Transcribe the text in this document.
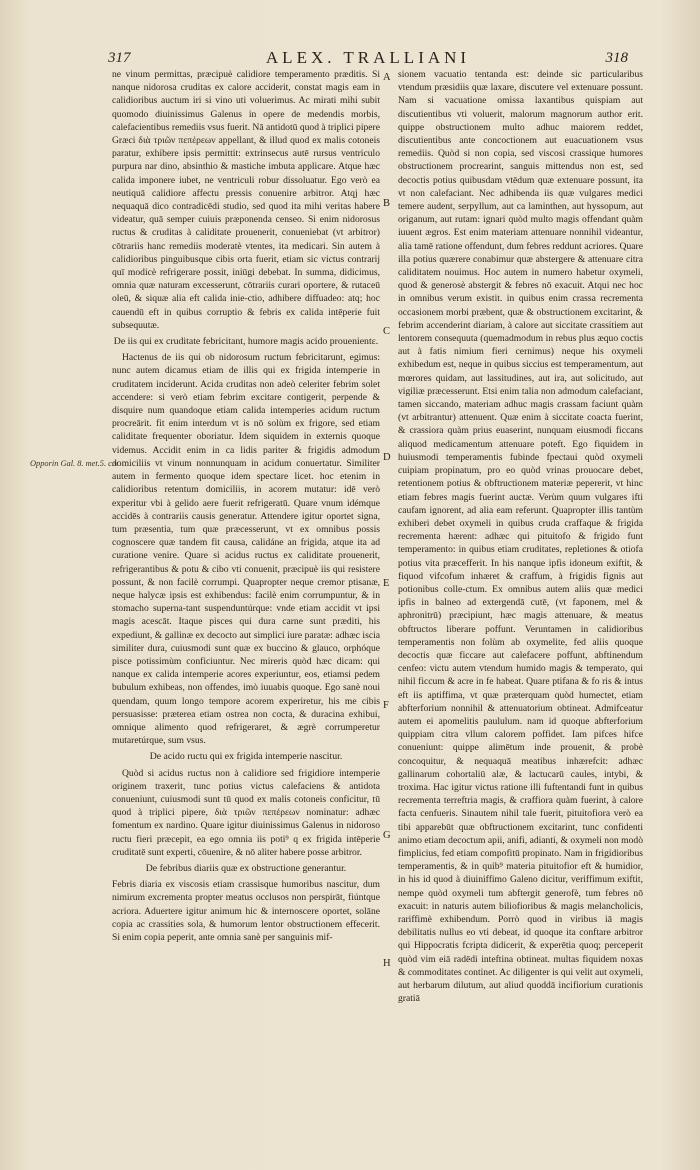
317	ALEX. TRALLIANI	318
Opporin Gal. 8. met.5. c.v.
A
B
C
D
E
F
G
H

ne vinum permittas, præcipuè calidiore temperamento præditis. Si nanque nidorosa cruditas ex calore acciderit, constat magis eam in calidioribus auctum iri si vino uti voluerimus. Ac mirati mihi subit quomodo diuinissimus Galenus in opere de medendis morbis, calefacientibus remediis vsus fuerit. Nā antidotū quod à triplici pipere Græci διὰ τριῶν πεπέρεων appellant, & illud quod ex malis cotoneis paratur, exhibere ipsis permittit: extrinsecus autē rursus ventriculo purpura nar dino, absinthio & mastiche imbuta applicare. Atque hæc calida imponere iubet, ne ventriculi robur dissoluatur. Ego verò ea neutiquā calidiore affectu pressis conuenire arbitror. Atqj hæc nequaquā dico contradicēdi studio, sed quod ita mihi veritas habere videatur, quā semper cuiuis præponenda censeo. Si enim nidorosus ructus & cruditas à caliditate prouenerit, conueniebat (vt arbitror) cōtrariis hanc remediis moderatè vtentes, ita medicari. Sin autem à calidioribus pinguibusque cibis orta fuerit, etiam sic victus contrarij quī modicè refrigerare possit, iniūgi debebat. In summa, didicimus, omnia quæ naturam excesserunt, cōtrariis curari oportere, & rutaceū oleū, & siquæ alia eft calida inie-ctio, adhibere diffuadeo: atq; hoc cauendū eft in quibus corruptio & febris ex calida intēperie fuit subsequutæ.

De iis qui ex cruditate febricitant, humore magis acido prouenientε.

Hactenus de iis qui ob nidorosum ructum febricitarunt, egimus: nunc autem dicamus etiam de illis qui ex frigida intemperie in cruditatem inciderunt. Acida cruditas non adeò celeriter febrim solet accendere: si verò etiam febrim excitare contigerit, perpende & disquire num quandoque etiam calida intemperies acidum ructum procreārit. fit enim interdum vt is nō solùm ex frigore, sed etiam caliditate frequenter oboriatur. Idem siquidem in externis quoque videmus. Accidit enim in ca lidis pariter & frigidis admodum domiciliis vt vinum nonnunquam in acidum conuertatur. Similiter autem in fermento quoque idem spectare licet. hoc etenim in calidioribus retentum domiciliis, in acorem mutatur: idē verò experitur vbi à gelido aere fuerit refrigeratū. Quare vnum idémque accidēs à contrariis causis generatur. Attendere igitur oportet signa, tum præsentia, tum quæ præcesserunt, vt ex omnibus possis cognoscere quæ tandem fit causa, calidáne an frigida, atque ita ad curatione venire. Quare si acidus ructus ex caliditate prouenerit, refrigerantibus & potu & cibo vti conuenit, præcipuè iis qui resistere possunt, & non facilè corrumpi. Quapropter neque cremor ptisanæ, neque halycæ ipsis est exhibendus: facilè enim corrumpuntur, & in stomacho superna-tant suspenduntúrque: vnde etiam accidit vt ipsi magis acescāt. Itaque pisces qui dura carne sunt præditi, his expediunt, & gallinæ ex decocto aut simplici iure paratæ: adhæc iscia similiter dura, cuiusmodi sunt quæ ex buccino & glauco, orphóque pisce potissimùm conficiuntur. Nec mireris quòd hæc dicam: qui nanque ex calida intemperie acores experiuntur, eos, etiamsi pedem bubulum exhibeas, non offendes, imò iuuabis quoque. Ego sanè noui quendam, quum longo tempore acorem experiretur, his me cibis persuasisse: præterea etiam ostrea non cocta, & duracina exhibui, omnique alimento quod refrigeraret, & ægrè corrumperetur mutaretúrque, sum vsus.

De acido ructu qui ex frigida intemperie nascitur.

Quòd si acidus ructus non à calidiore sed frigidiore intemperie originem traxerit, tunc potius victus calefaciens & antidota conueniunt, cuiusmodi sunt tū quod ex malis cotoneis conficitur, tū quod à triplici pipere, διὰ τριῶν πεπέρεων nominatur: adhæc fomentum ex nardino. Quare igitur diuinissimus Galenus in nidoroso ructu fieri præcepit, ea ego omnia iis poti⁹ q ex frigida intēperie cruditatē sunt experti, cōuenire, & nō aliter habere posse arbitror.

De febribus diariis quæ ex obstructione generantur.

Febris diaria ex viscosis etiam crassisque humoribus nascitur, dum nimirum excrementa propter meatus occlusos non perspirāt, fiúntque acriora. Aduertere igitur animum hic & internoscere oportet, solāne copia ac crassities sola, & humorum lentor obstructionem effecerit. Si enim copia peperit, ante omnia sanè per sanguinis mif-

sionem vacuatio tentanda est: deinde sic particularibus vtendum præsidiis quæ laxare, discutere vel extenuare possunt. Nam si vacuatione omissa laxantibus quispiam aut discutientibus vti voluerit, malorum magnorum author erit. quippe obstructionem multo adhuc maiorem reddet, discutientibus ante concoctionem aut euacuationem vsus remediis. Quòd si non copia, sed viscosi crassique humores obstructionem procrearint, sanguis mittendus non est, sed decoctis potius quibusdam vtēdum quæ extenuare possunt, ita vt non calefaciant. Nec adhibenda iis quæ vulgares medici temere audent, serpyllum, aut ca laminthen, aut hyssopum, aut origanum, aut rutam: ignari quòd multo magis offendant quàm iuuent ægros. Est enim materiam attenuare nonnihil videantur, alia tamē ratione offendunt, dum febres reddunt acriores. Quare illa potius quærere conabimur quæ abstergere & attenuare citra caliditatem nouimus. Hoc autem in numero habetur oxymeli, quod & generosè abstergit & febres nō exacuit. Atqui nec hoc in omnibus verum existit. in quibus enim crassa recrementa occasionem morbi præbent, quæ & obstructionem excitarint, & febrim accenderint diariam, à calore aut siccitate crassitiem aut lentorem consequuta (quemadmodum in rebus plus æquo coctis aut à fatis nimium fieri cernimus) neque his oxymeli exhibedum est, neque in quibus siccius est temperamentum, aut mœrores quidam, aut lassitudines, aut ira, aut solicitudo, aut vigiliæ præcesserunt. Etsi enim talia non admodum calefaciant, tamen siccando, materiam adhuc magis crassam faciunt quàm (vt arbitrantur) attenuent. Quæ enim à siccitate coacta fuerint, & crassiora quàm prius euaserint, nunquam eiusmodi ficcans aliquod medicamentum attenuare poteft. Ego fiquidem in huiusmodi temperamentis fubinde fpectaui quòd oxymeli cuipiam propinatum, pro eo quòd vrinas prouocare debet, retentionem potius & obftructionem materiæ pepererit, vt hinc etiam febres magis fuerint auctæ. Verùm quum vulgares ifti caufam ignorent, ad alia eam referunt. Quapropter illis tantùm exhiberi debet oxymeli in quibus cruda craffaque & frigida recrementa hærent: adhæc qui pituitofo & frigido funt temperamento: in quibus etiam cruditates, repletiones & otiofa potius vita præcefferit. In his nanque ipfis idoneum exiftit, & fiquod vifcofum inhæret & craffum, à frigidis fignis aut potionibus colle-ctum. Ex omnibus autem aliis quæ medici ipfis in balneo ad extergendā cutē, (vt faponem, mel & aphronitrū) præcipiunt, hæc magis attenuare, & meatus obftructos liberare poffunt. Veruntamen in calidioribus temperamentis non folùm ab oxymelite, fed aliis quoque decoctis quæ ficcare aut calefacere poffunt, abftinendum cenfeo: victu autem vtendum humido magis & temperato, qui nihil ficcum & acre in fe habeat. Quare ptifana & fo ris & intus eft iis aptiffima, vt quæ præterquam quòd humectet, etiam abfterforium nonnihil & attenuatorium obtineat. Admifceatur autem ei apomelitis paululum. nam id quoque abfterforium quippiam citra vllum calorem poffidet. Iam pifces hifce conueniunt: quippe alimētum inde prouenit, & probè concoquitur, & nequaquā meatibus inhærefcit: adhæc gallinarum cohortaliū alæ, & lactucarū caules, intybi, & troxima. Hac igitur victus ratione illi fuftentandi funt in quibus recrementa terreftria magis, & craffiora quàm fuerint, à calore facta cenfueris. Sinautem nihil tale fuerit, pituitofiora verò ea tibi apparebūt quæ obftructionem excitarint, tunc confidenti animo etiam decoctum apii, anifi, adianti, & oxymeli non modò fimplicius, fed etiam compofitū propinato. Nam in frigidioribus temperamentis, & in quib⁹ materia pituitofior eft & humidior, in his id quod à diuiniffimo Galeno dicitur, veriffimum exiftit, nempe quòd oxymeli tum abftergit generofè, tum febres nō exacuit: in naturis autem biliofioribus & magis melancholicis, rariffimè exhibendum. Porrò quod in viribus iā magis debilitatis nullus eo vti debeat, id quoque ita conftare arbitror qui Hippocratis fcripta didicerit, & experētia quoq; perceperit quòd vim eiā radēdi inteftina obtineat. multas fiquidem noxas & commoditates continet. Ac diligenter is qui velit aut oxymeli, aut herbarum dilutum, aut aliud quoddā incifiorium curationis gratiā
